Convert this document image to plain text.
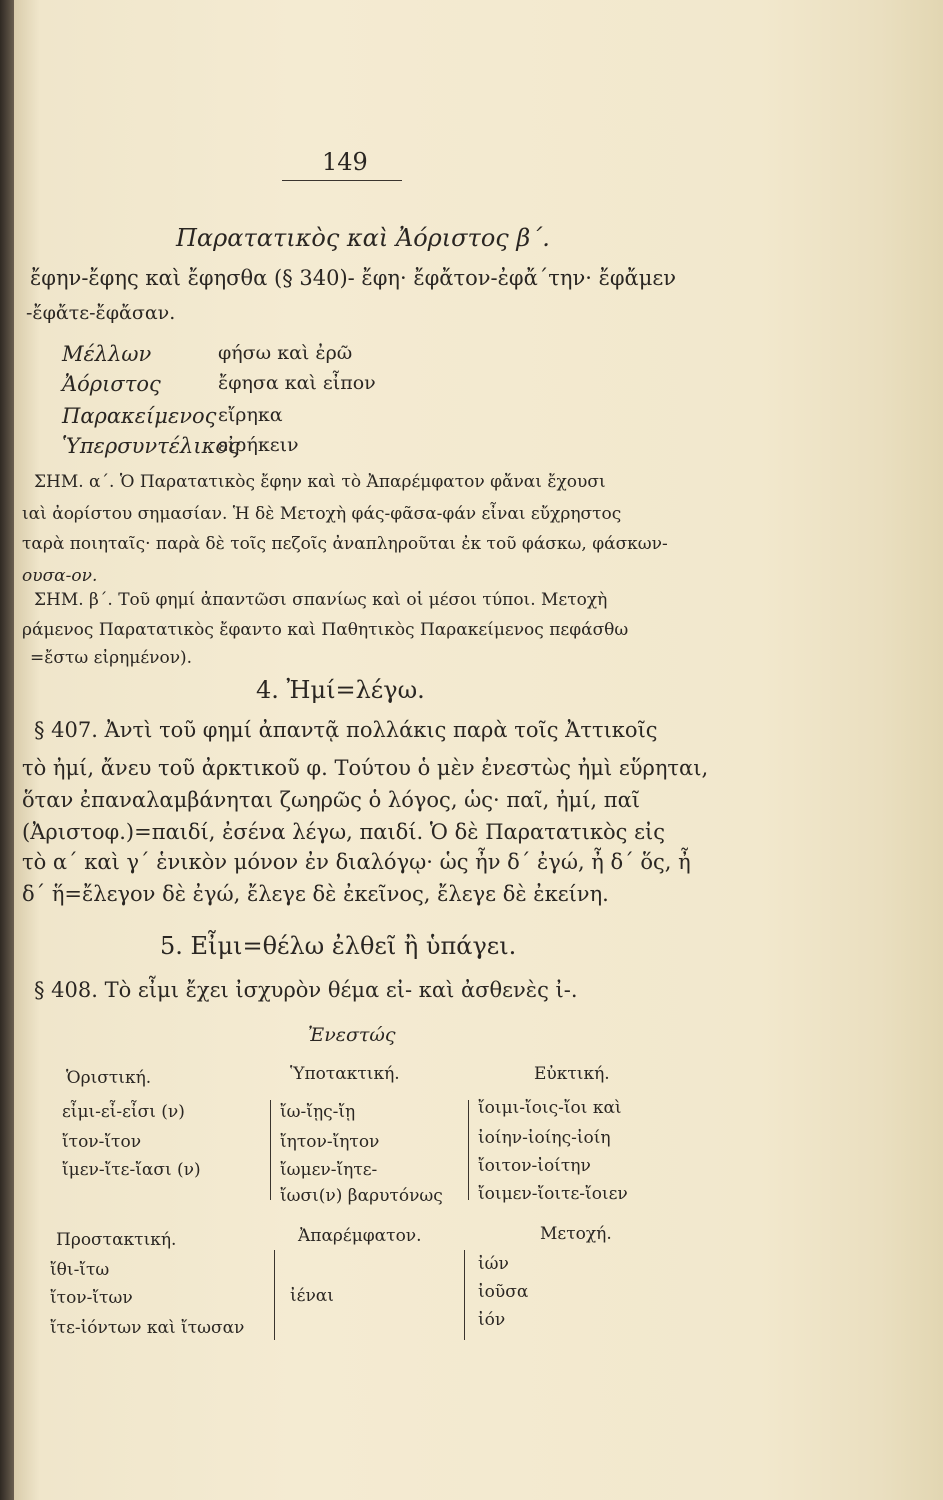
149
Παρατατικὸς καὶ Ἀόριστος β΄.
ἔφην-ἔφης καὶ ἔφησθα (§ 340)- ἔφη· ἔφἄτον-ἐφἄ΄την· ἔφἄμεν
-ἔφἄτε-ἔφἄσαν.
Μέλλων	φήσω καὶ ἐρῶ
Ἀόριστος	ἔφησα καὶ εἶπον
Παρακείμενος εἴρηκα
Ὑπερσυντέλικος
εἰρήκειν
ΣΗΜ. α΄. Ὁ Παρατατικὸς ἔφην καὶ τὸ Ἀπαρέμφατον φἄναι ἔχουσι
ιαὶ ἀορίστου σημασίαν. Ἡ δὲ Μετοχὴ φάς-φᾶσα-φάν εἶναι εὔχρηστος
ταρὰ ποιηταῖς· παρὰ δὲ τοῖς πεζοῖς ἀναπληροῦται ἐκ τοῦ φάσκω, φάσκων-
ουσα-ον.
ΣΗΜ. β΄. Τοῦ φημί ἀπαντῶσι σπανίως καὶ οἱ μέσοι τύποι. Μετοχὴ
ράμενος Παρατατικὸς ἔφαντο καὶ Παθητικὸς Παρακείμενος πεφάσθω
=ἔστω εἰρημένον).
4. Ἠμί=λέγω.
§ 407. Ἀντὶ τοῦ φημί ἀπαντᾷ πολλάκις παρὰ τοῖς Ἀττικοῖς
τὸ ἠμί, ἄνευ τοῦ ἀρκτικοῦ φ. Τούτου ὁ μὲν ἐνεστὼς ἠμὶ εὕρηται,
ὅταν ἐπαναλαμβάνηται ζωηρῶς ὁ λόγος, ὡς· παῖ, ἠμί, παῖ
(Ἀριστοφ.)=παιδί, ἐσένα λέγω, παιδί. Ὁ δὲ Παρατατικὸς εἰς
τὸ α΄ καὶ γ΄ ἑνικὸν μόνον ἐν διαλόγῳ· ὡς ἦν δ΄ ἐγώ, ἦ δ΄ ὅς, ἦ
δ΄ ἥ=ἔλεγον δὲ ἐγώ, ἔλεγε δὲ ἐκεῖνος, ἔλεγε δὲ ἐκείνη.
5. Εἶμι=θέλω ἐλθεῖ ἢ ὑπάγει.
§ 408. Τὸ εἶμι ἔχει ἰσχυρὸν θέμα εἰ- καὶ ἀσθενὲς ἰ-.
Ἐνεστώς
Ὁριστική.
εἶμι-εἶ-εἶσι (ν)
ἴτον-ἴτον
ἴμεν-ἴτε-ἴασι (ν)
Ὑποτακτική.
ἴω-ἴῃς-ἴῃ
ἴητον-ἴητον
ἴωμεν-ἴητε-
ἴωσι(ν) βαρυτόνως
Εὐκτική.
ἴοιμι-ἴοις-ἴοι καὶ
ἰοίην-ἰοίης-ἰοίη
ἴοιτον-ἰοίτην
ἴοιμεν-ἴοιτε-ἴοιεν
Προστακτική.
ἴθι-ἴτω
ἴτον-ἴτων
ἴτε-ἰόντων καὶ ἴτωσαν
Ἀπαρέμφατον.
ἰέναι
Μετοχή.
ἰών
ἰοῦσα
ἰόν
